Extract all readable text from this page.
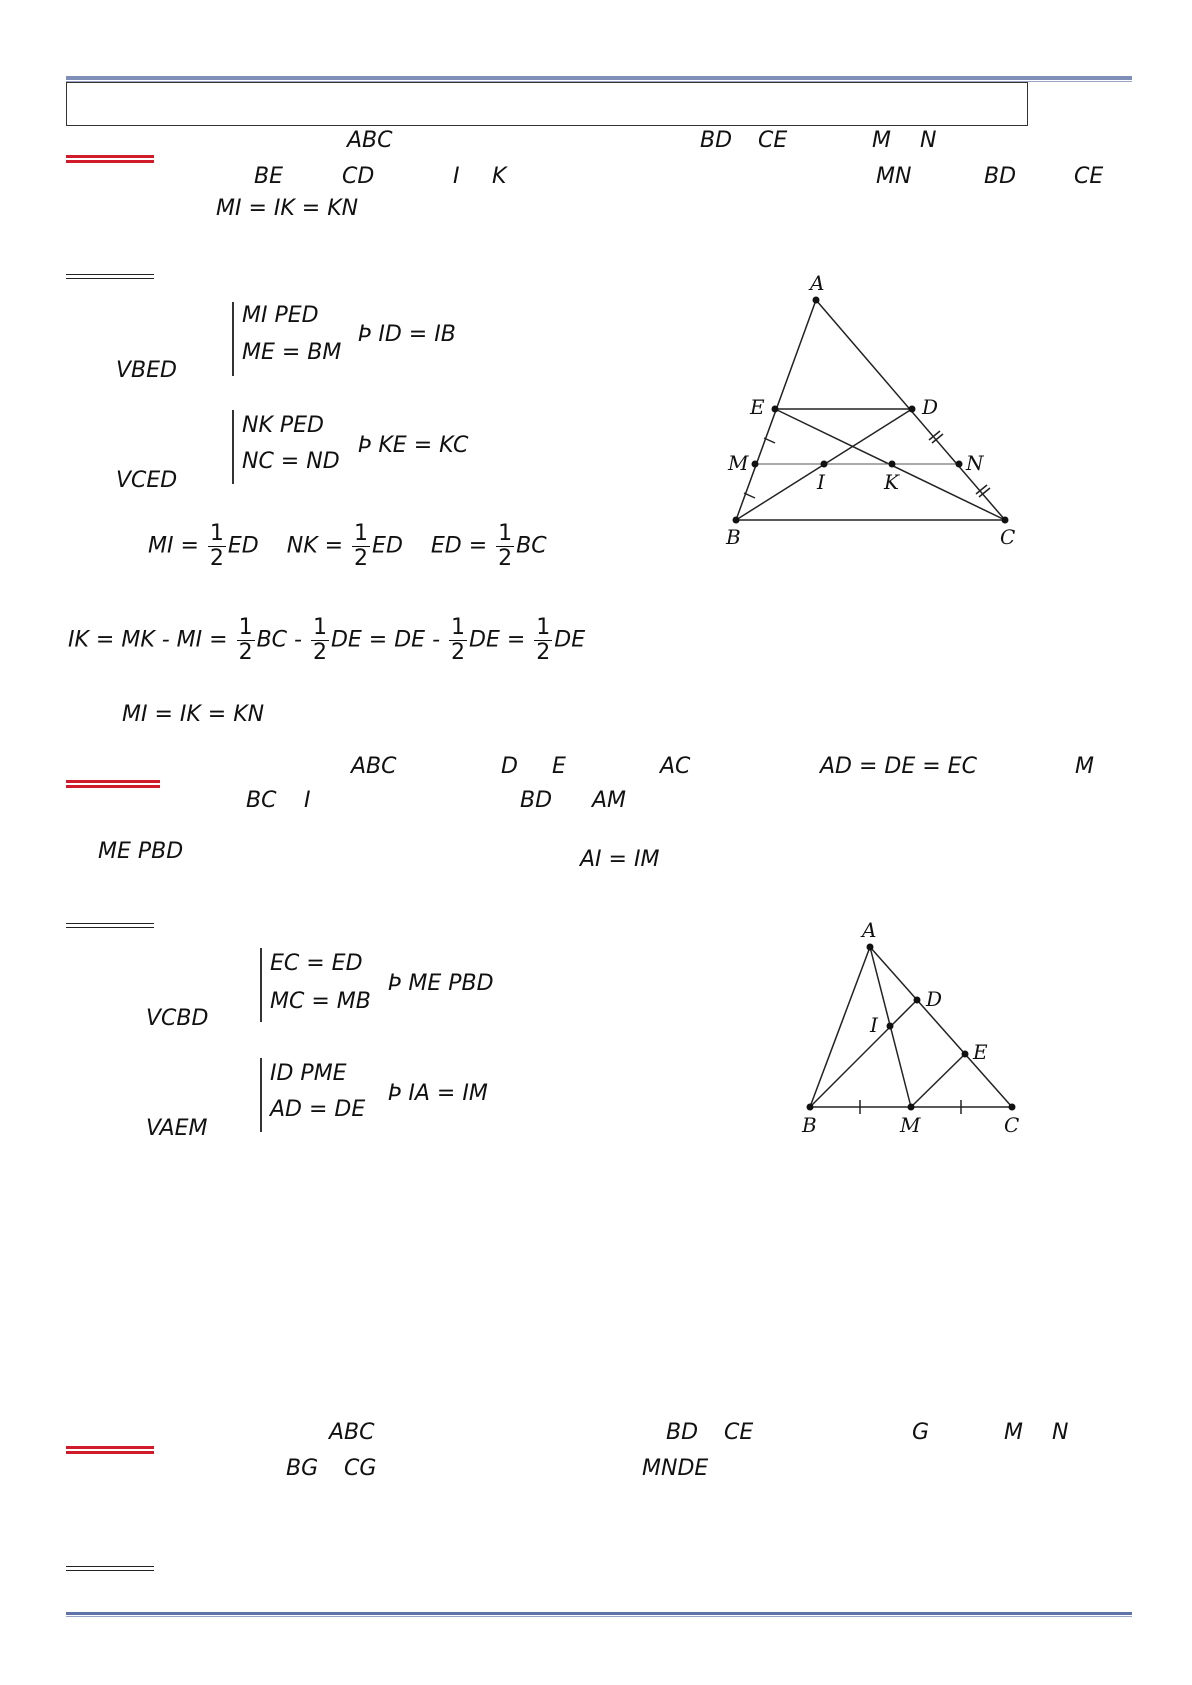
ABC	BD CE	M N
BE	CD	I K	MN	BD	CE
MI = IK = KN
MI PED
ME = BM
Þ ID = IB
VBED
NK PED
NC = ND
Þ KE = KC
VCED
MI = $\frac{1}{2}$ ED NK = $\frac{1}{2}$ ED ED = $\frac{1}{2}$ BC
IK = MK - MI = $\frac{1}{2}$ BC - $\frac{1}{2}$ DE = DE - $\frac{1}{2}$ DE = $\frac{1}{2}$ DE
MI = IK = KN
A
B	C
D
E
M	N
I	K
ABC	D E	AC	AD = DE = EC	M
BC I	BD AM
ME PBD	AI = IM
EC = ED
MC = MB
Þ ME PBD
VCBD
ID PME
AD = DE
Þ IA = IM
VAEM
A
B	C
D
E
M
I
ABC	BD CE	G	M N
BG CG	MNDE
